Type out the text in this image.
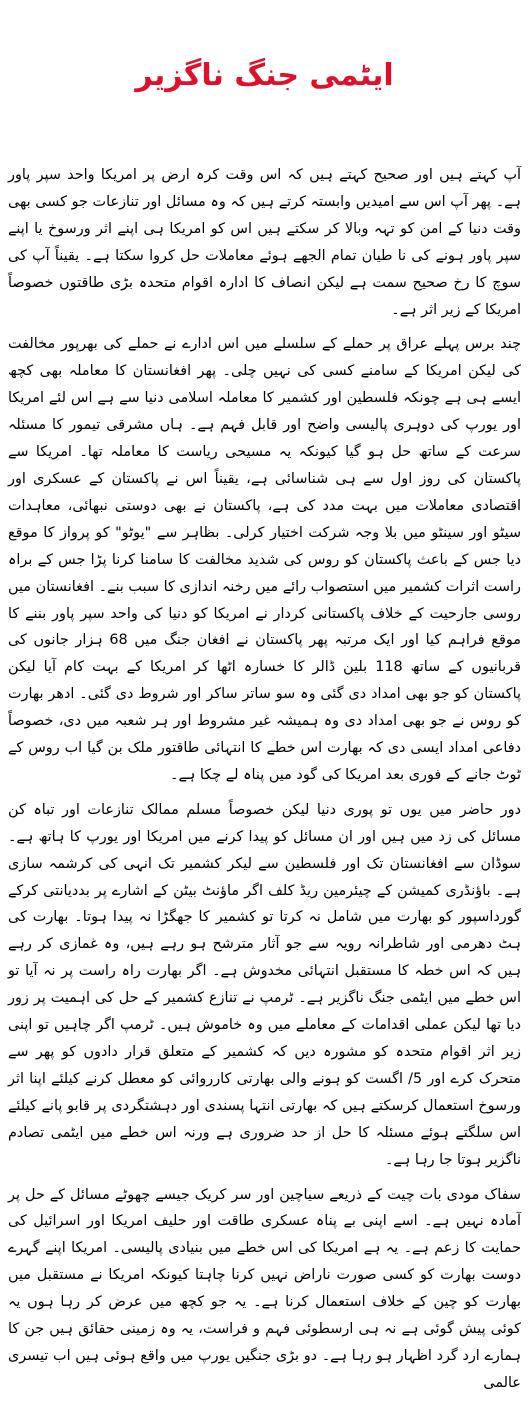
ایٹمی جنگ ناگزیر

آپ کہتے ہیں اور صحیح کہتے ہیں کہ اس وقت کرہ ارض پر امریکا واحد سپر پاور ہے۔ پھر آپ اس سے امیدیں وابستہ کرتے ہیں کہ وہ مسائل اور تنازعات جو کسی بھی وقت دنیا کے امن کو تہہ وبالا کر سکتے ہیں اس کو امریکا ہی اپنے اثر ورسوخ یا اپنے سپر پاور ہونے کی نا طیان تمام الجھے ہوئے معاملات حل کروا سکتا ہے۔ یقیناً آپ کی سوچ کا رخ صحیح سمت ہے لیکن انصاف کا ادارہ اقوام متحدہ بڑی طاقتوں خصوصاً امریکا کے زیر اثر ہے۔

چند برس پہلے عراق پر حملے کے سلسلے میں اس ادارے نے حملے کی بھرپور مخالفت کی لیکن امریکا کے سامنے کسی کی نہیں چلی۔ پھر افغانستان کا معاملہ بھی کچھ ایسے ہی ہے چونکہ فلسطین اور کشمیر کا معاملہ اسلامی دنیا سے ہے اس لئے امریکا اور یورپ کی دوہری پالیسی واضح اور قابل فہم ہے۔ ہاں مشرقی تیمور کا مسئلہ سرعت کے ساتھ حل ہو گیا کیونکہ یہ مسیحی ریاست کا معاملہ تھا۔ امریکا سے پاکستان کی روز اول سے ہی شناسائی ہے، یقیناً اس نے پاکستان کے عسکری اور اقتصادی معاملات میں بہت مدد کی ہے، پاکستان نے بھی دوستی نبھائی، معاہدات سیٹو اور سینٹو میں بلا وجہ شرکت اختیار کرلی۔ بظاہر سے "یوٹو" کو پرواز کا موقع دیا جس کے باعث پاکستان کو روس کی شدید مخالفت کا سامنا کرنا پڑا جس کے براہ راست اثرات کشمیر میں استصواب رائے میں رخنہ اندازی کا سبب بنے۔ افغانستان میں روسی جارحیت کے خلاف پاکستانی کردار نے امریکا کو دنیا کی واحد سپر پاور بننے کا موقع فراہم کیا اور ایک مرتبہ پھر پاکستان نے افغان جنگ میں 68 ہزار جانوں کی قربانیوں کے ساتھ 118 بلین ڈالر کا خسارہ اٹھا کر امریکا کے بہت کام آیا لیکن پاکستان کو جو بھی امداد دی گئی وہ سو ساتر ساکر اور شروط دی گئی۔ ادھر بھارت کو روس نے جو بھی امداد دی وہ ہمیشہ غیر مشروط اور ہر شعبہ میں دی، خصوصاً دفاعی امداد ایسی دی کہ بھارت اس خطے کا انتہائی طاقتور ملک بن گیا اب روس کے ٹوٹ جانے کے فوری بعد امریکا کی گود میں پناہ لے چکا ہے۔

دور حاضر میں یوں تو پوری دنیا لیکن خصوصاً مسلم ممالک تنازعات اور تباہ کن مسائل کی زد میں ہیں اور ان مسائل کو پیدا کرنے میں امریکا اور یورپ کا ہاتھ ہے۔ سوڈان سے افغانستان تک اور فلسطین سے لیکر کشمیر تک انہی کی کرشمہ سازی ہے۔ باؤنڈری کمیشن کے چیئرمین ریڈ کلف اگر ماؤنٹ بیٹن کے اشارے پر بددیانتی کرکے گورداسپور کو بھارت میں شامل نہ کرتا تو کشمیر کا جھگڑا نہ پیدا ہوتا۔ بھارت کی ہٹ دھرمی اور شاطرانہ رویہ سے جو آثار مترشح ہو رہے ہیں، وہ غمازی کر رہے ہیں کہ اس خطہ کا مستقبل انتہائی مخدوش ہے۔ اگر بھارت راہ راست پر نہ آیا تو اس خطے میں ایٹمی جنگ ناگزیر ہے۔ ٹرمپ نے تنازع کشمیر کے حل کی اہمیت پر زور دیا تھا لیکن عملی اقدامات کے معاملے میں وہ خاموش ہیں۔ ٹرمپ اگر چاہیں تو اپنی زیر اثر اقوام متحدہ کو مشورہ دیں کہ کشمیر کے متعلق قرار دادوں کو پھر سے متحرک کرے اور 5/ اگست کو ہونے والی بھارتی کارروائی کو معطل کرنے کیلئے اپنا اثر ورسوخ استعمال کرسکتے ہیں کہ بھارتی انتہا پسندی اور دہشتگردی پر قابو پانے کیلئے اس سلگتے ہوئے مسئلہ کا حل از حد ضروری ہے ورنہ اس خطے میں ایٹمی تصادم ناگزیر ہوتا جا رہا ہے۔

سفاک مودی بات چیت کے ذریعے سیاچین اور سر کریک جیسے چھوٹے مسائل کے حل پر آمادہ نہیں ہے۔ اسے اپنی بے پناہ عسکری طاقت اور حلیف امریکا اور اسرائیل کی حمایت کا زعم ہے۔ یہ ہے امریکا کی اس خطے میں بنیادی پالیسی۔ امریکا اپنے گہرے دوست بھارت کو کسی صورت ناراض نہیں کرنا چاہتا کیونکہ امریکا نے مستقبل میں بھارت کو چین کے خلاف استعمال کرنا ہے۔ یہ جو کچھ میں عرض کر رہا ہوں یہ کوئی پیش گوئی ہے نہ ہی ارسطوئی فہم و فراست، یہ وہ زمینی حقائق ہیں جن کا ہمارے ارد گرد اظہار ہو رہا ہے۔ دو بڑی جنگیں یورپ میں واقع ہوئی ہیں اب تیسری عالمی
